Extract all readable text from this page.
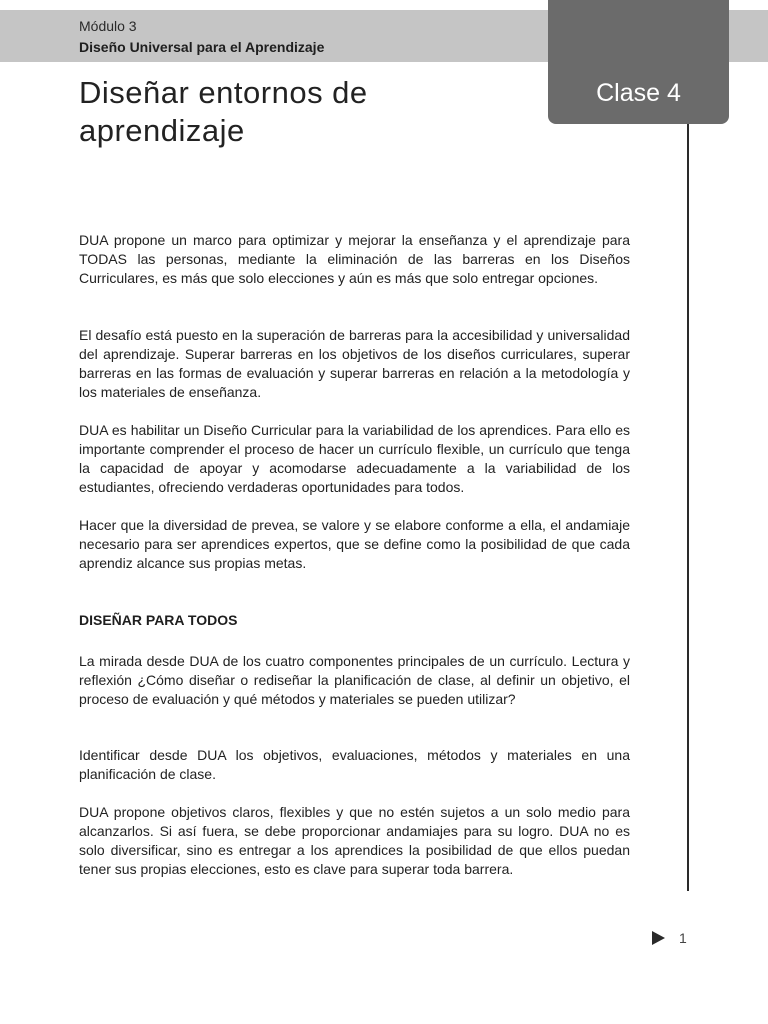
Módulo 3
Diseño Universal para el Aprendizaje
Clase 4
Diseñar entornos de aprendizaje

DUA propone un marco para optimizar y mejorar la enseñanza y el aprendizaje para TODAS las personas, mediante la eliminación de las barreras en los Diseños Curriculares, es más que solo elecciones y aún es más que solo entregar opciones.

El desafío está puesto en la superación de barreras para la accesibilidad y universalidad del aprendizaje. Superar barreras en los objetivos de los diseños curriculares, superar barreras en las formas de evaluación y superar barreras en relación a la metodología y los materiales de enseñanza.

DUA es habilitar un Diseño Curricular para la variabilidad de los aprendices. Para ello es importante comprender el proceso de hacer un currículo flexible, un currículo que tenga la capacidad de apoyar y acomodarse adecuadamente a la variabilidad de los estudiantes, ofreciendo verdaderas oportunidades para todos.

Hacer que la diversidad de prevea, se valore y se elabore conforme a ella, el andamiaje necesario para ser aprendices expertos, que se define como la posibilidad de que cada aprendiz alcance sus propias metas.

DISEÑAR PARA TODOS

La mirada desde DUA de los cuatro componentes principales de un currículo. Lectura y reflexión ¿Cómo diseñar o rediseñar la planificación de clase, al definir un objetivo, el proceso de evaluación y qué métodos y materiales se pueden utilizar?

Identificar desde DUA los objetivos, evaluaciones, métodos y materiales en una planificación de clase.

DUA propone objetivos claros, flexibles y que no estén sujetos a un solo medio para alcanzarlos. Si así fuera, se debe proporcionar andamiajes para su logro. DUA no es solo diversificar, sino es entregar a los aprendices la posibilidad de que ellos puedan tener sus propias elecciones, esto es clave para superar toda barrera.

1
